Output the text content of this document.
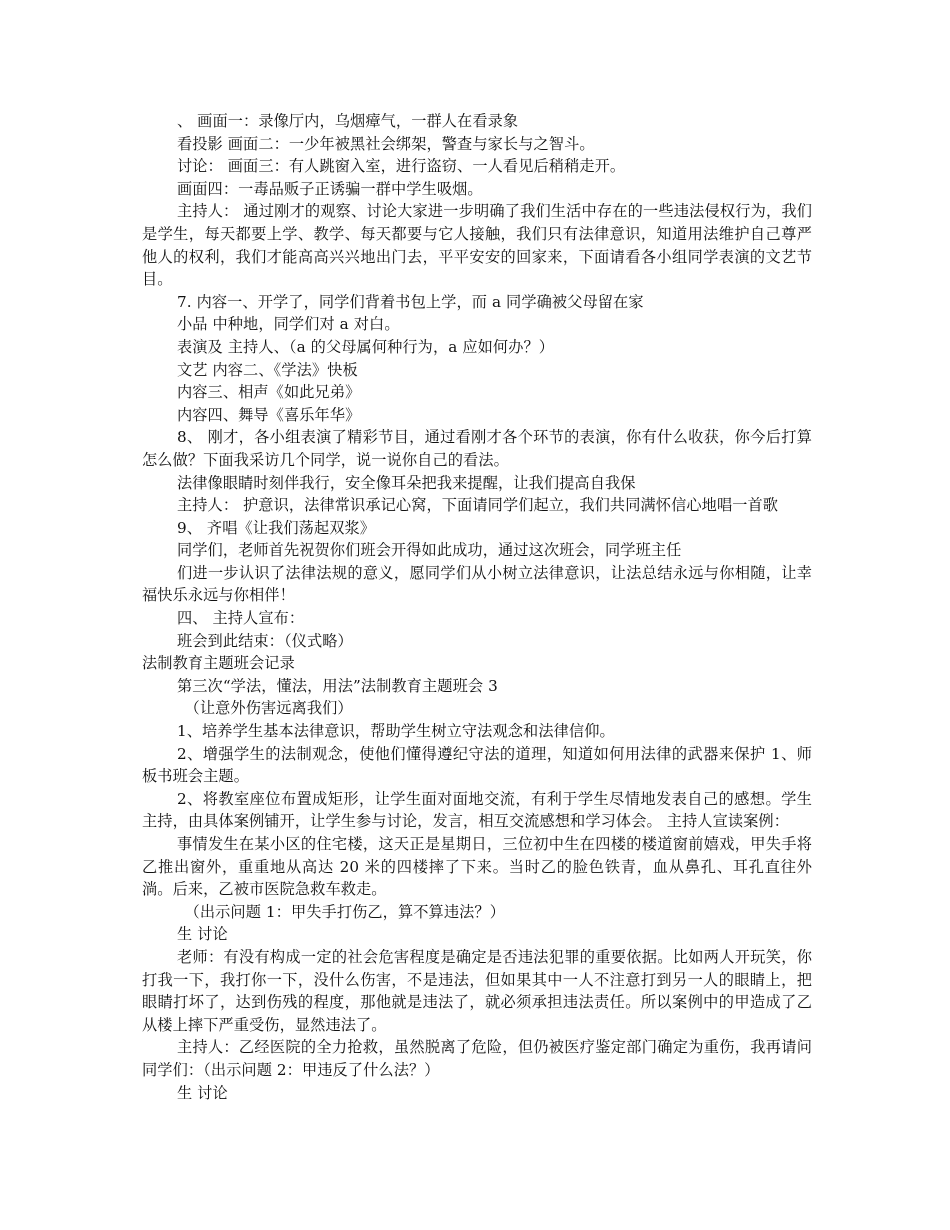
、 画面一：录像厅内，乌烟瘴气，一群人在看录象

看投影 画面二：一少年被黑社会绑架，警查与家长与之智斗。

讨论： 画面三：有人跳窗入室，进行盗窃、一人看见后稍稍走开。

画面四：一毒品贩子正诱骗一群中学生吸烟。

主持人： 通过刚才的观察、讨论大家进一步明确了我们生活中存在的一些违法侵权行为，我们是学生，每天都要上学、教学、每天都要与它人接触，我们只有法律意识，知道用法维护自己尊严他人的权利，我们才能高高兴兴地出门去，平平安安的回家来，下面请看各小组同学表演的文艺节目。

7. 内容一、开学了，同学们背着书包上学，而 a 同学确被父母留在家

小品 中种地，同学们对 a 对白。

表演及 主持人、（a 的父母属何种行为，a 应如何办？）

文艺 内容二、《学法》快板

内容三、相声《如此兄弟》

内容四、舞导《喜乐年华》

8、 刚才，各小组表演了精彩节目，通过看刚才各个环节的表演，你有什么收获，你今后打算怎么做？下面我采访几个同学，说一说你自己的看法。

法律像眼睛时刻伴我行，安全像耳朵把我来提醒，让我们提高自我保

主持人： 护意识，法律常识承记心窝，下面请同学们起立，我们共同满怀信心地唱一首歌

9、 齐唱《让我们荡起双浆》

同学们，老师首先祝贺你们班会开得如此成功，通过这次班会，同学班主任

们进一步认识了法律法规的意义，愿同学们从小树立法律意识，让法总结永远与你相随，让幸福快乐永远与你相伴！

四、 主持人宣布：

班会到此结束：（仪式略）

法制教育主题班会记录

第三次“学法，懂法，用法”法制教育主题班会 3

（让意外伤害远离我们）

1、培养学生基本法律意识，帮助学生树立守法观念和法律信仰。

2、增强学生的法制观念，使他们懂得遵纪守法的道理，知道如何用法律的武器来保护 1、师 板书班会主题。

2、将教室座位布置成矩形，让学生面对面地交流，有利于学生尽情地发表自己的感想。学生主持，由具体案例铺开，让学生参与讨论，发言，相互交流感想和学习体会。 主持人宣读案例：

事情发生在某小区的住宅楼，这天正是星期日，三位初中生在四楼的楼道窗前嬉戏，甲失手将乙推出窗外，重重地从高达 20 米的四楼摔了下来。当时乙的脸色铁青，血从鼻孔、耳孔直往外淌。后来，乙被市医院急救车救走。

（出示问题 1：甲失手打伤乙，算不算违法？）

生 讨论

老师：有没有构成一定的社会危害程度是确定是否违法犯罪的重要依据。比如两人开玩笑，你打我一下，我打你一下，没什么伤害，不是违法，但如果其中一人不注意打到另一人的眼睛上，把眼睛打坏了，达到伤残的程度，那他就是违法了，就必须承担违法责任。所以案例中的甲造成了乙从楼上摔下严重受伤，显然违法了。

主持人：乙经医院的全力抢救，虽然脱离了危险，但仍被医疗鉴定部门确定为重伤，我再请问同学们：（出示问题 2：甲违反了什么法？）

生 讨论
